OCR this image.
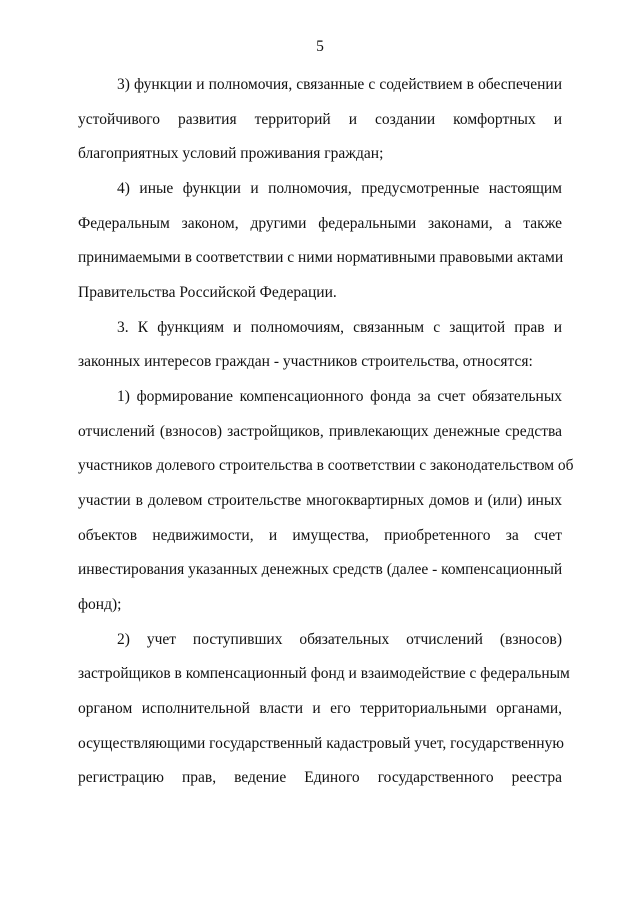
5
3) функции и полномочия, связанные с содействием в обеспечении
устойчивого развития территорий и создании комфортных и
благоприятных условий проживания граждан;
4) иные функции и полномочия, предусмотренные настоящим
Федеральным законом, другими федеральными законами, а также
принимаемыми в соответствии с ними нормативными правовыми актами
Правительства Российской Федерации.
3. К функциям и полномочиям, связанным с защитой прав и
законных интересов граждан - участников строительства, относятся:
1) формирование компенсационного фонда за счет обязательных
отчислений (взносов) застройщиков, привлекающих денежные средства
участников долевого строительства в соответствии с законодательством об
участии в долевом строительстве многоквартирных домов и (или) иных
объектов недвижимости, и имущества, приобретенного за счет
инвестирования указанных денежных средств (далее - компенсационный
фонд);
2) учет поступивших обязательных отчислений (взносов)
застройщиков в компенсационный фонд и взаимодействие с федеральным
органом исполнительной власти и его территориальными органами,
осуществляющими государственный кадастровый учет, государственную
регистрацию прав, ведение Единого государственного реестра
